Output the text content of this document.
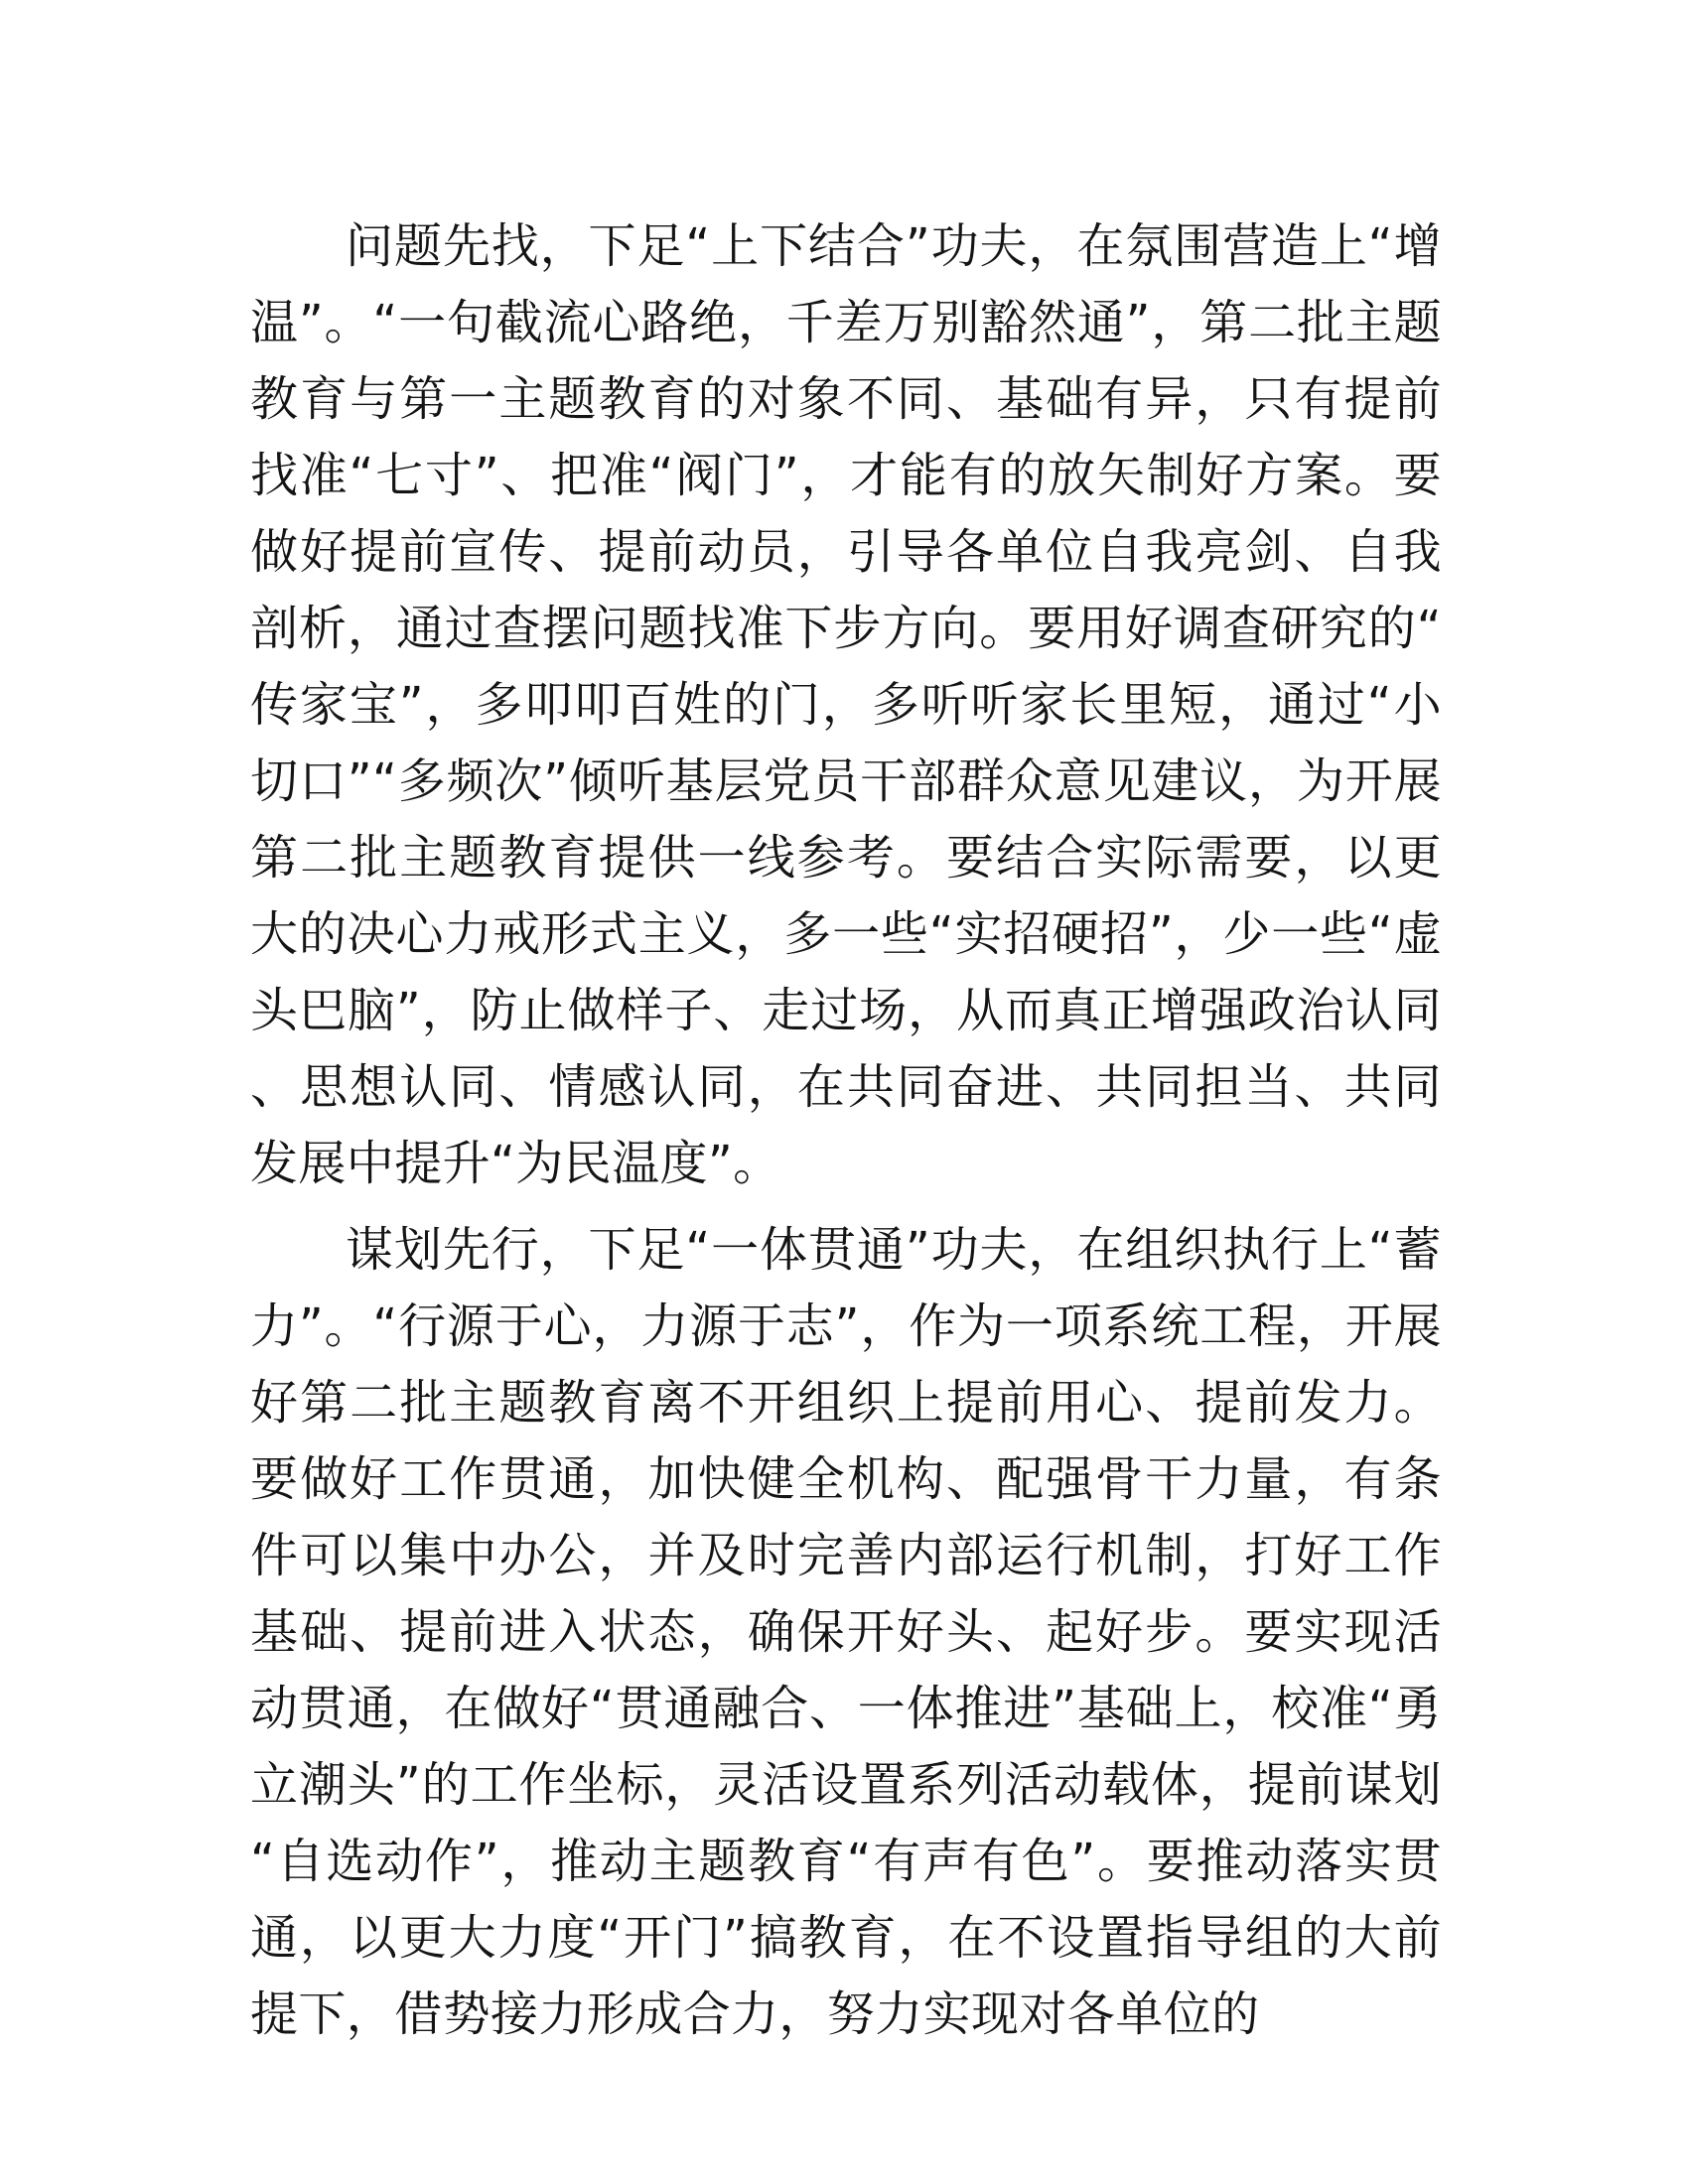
问题先找，下足“上下结合”功夫，在氛围营造上“增温”。“一句截流心路绝，千差万别豁然通”，第二批主题教育与第一主题教育的对象不同、基础有异，只有提前找准“七寸”、把准“阀门”，才能有的放矢制好方案。要做好提前宣传、提前动员，引导各单位自我亮剑、自我剖析，通过查摆问题找准下步方向。要用好调查研究的“传家宝”，多叩叩百姓的门，多听听家长里短，通过“小切口”“多频次”倾听基层党员干部群众意见建议，为开展第二批主题教育提供一线参考。要结合实际需要，以更大的决心力戒形式主义，多一些“实招硬招”，少一些“虚头巴脑”，防止做样子、走过场，从而真正增强政治认同、思想认同、情感认同，在共同奋进、共同担当、共同发展中提升“为民温度”。

谋划先行，下足“一体贯通”功夫，在组织执行上“蓄力”。“行源于心，力源于志”，作为一项系统工程，开展好第二批主题教育离不开组织上提前用心、提前发力。要做好工作贯通，加快健全机构、配强骨干力量，有条件可以集中办公，并及时完善内部运行机制，打好工作基础、提前进入状态，确保开好头、起好步。要实现活动贯通，在做好“贯通融合、一体推进”基础上，校准“勇立潮头”的工作坐标，灵活设置系列活动载体，提前谋划“自选动作”，推动主题教育“有声有色”。要推动落实贯通，以更大力度“开门”搞教育，在不设置指导组的大前提下，借势接力形成合力，努力实现对各单位的
